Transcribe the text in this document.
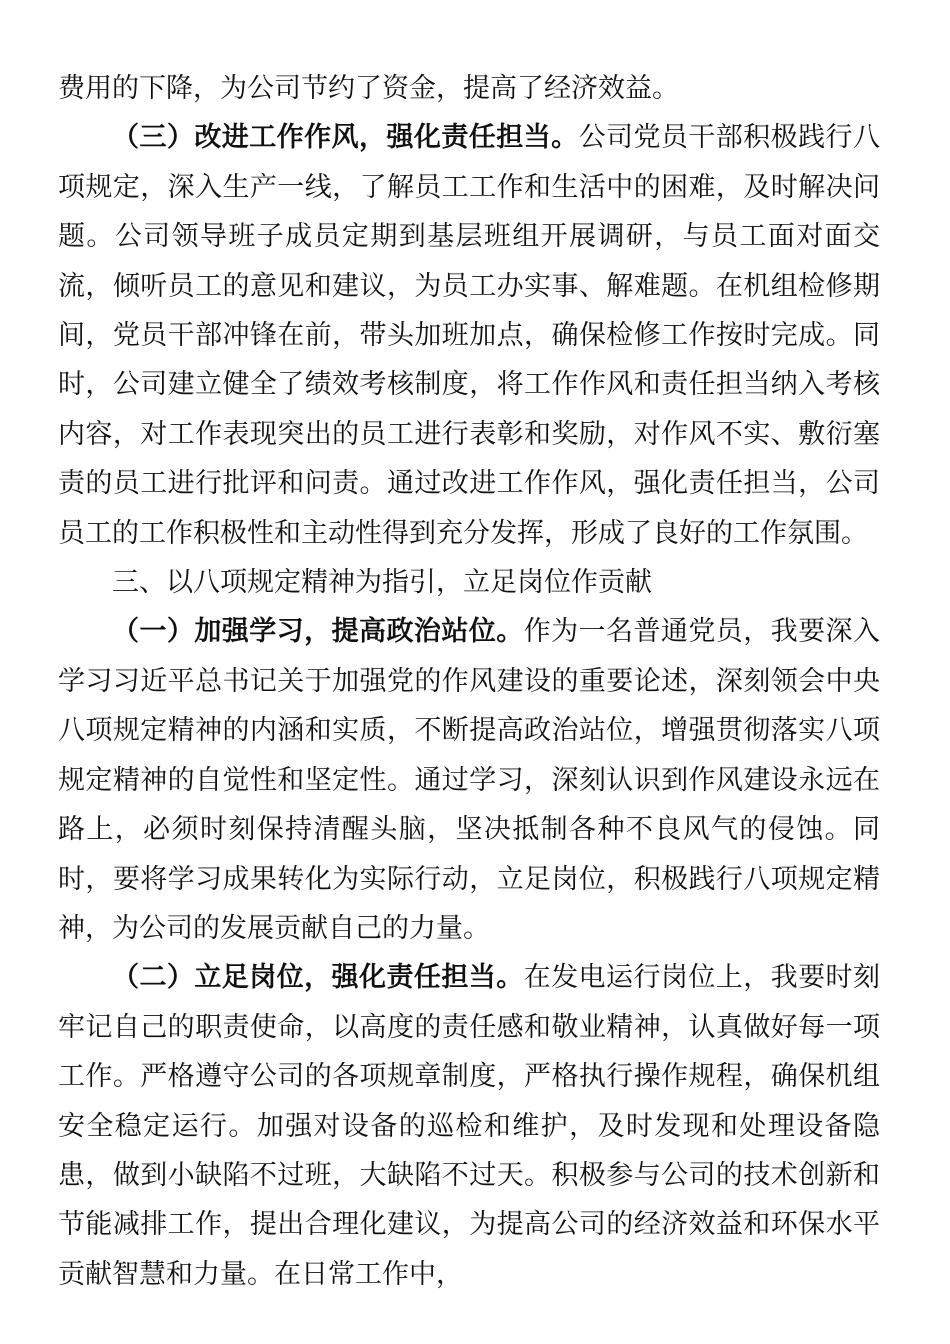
费用的下降，为公司节约了资金，提高了经济效益。

（三）改进工作作风，强化责任担当。公司党员干部积极践行八项规定，深入生产一线，了解员工工作和生活中的困难，及时解决问题。公司领导班子成员定期到基层班组开展调研，与员工面对面交流，倾听员工的意见和建议，为员工办实事、解难题。在机组检修期间，党员干部冲锋在前，带头加班加点，确保检修工作按时完成。同时，公司建立健全了绩效考核制度，将工作作风和责任担当纳入考核内容，对工作表现突出的员工进行表彰和奖励，对作风不实、敷衍塞责的员工进行批评和问责。通过改进工作作风，强化责任担当，公司员工的工作积极性和主动性得到充分发挥，形成了良好的工作氛围。

三、以八项规定精神为指引，立足岗位作贡献

（一）加强学习，提高政治站位。作为一名普通党员，我要深入学习习近平总书记关于加强党的作风建设的重要论述，深刻领会中央八项规定精神的内涵和实质，不断提高政治站位，增强贯彻落实八项规定精神的自觉性和坚定性。通过学习，深刻认识到作风建设永远在路上，必须时刻保持清醒头脑，坚决抵制各种不良风气的侵蚀。同时，要将学习成果转化为实际行动，立足岗位，积极践行八项规定精神，为公司的发展贡献自己的力量。

（二）立足岗位，强化责任担当。在发电运行岗位上，我要时刻牢记自己的职责使命，以高度的责任感和敬业精神，认真做好每一项工作。严格遵守公司的各项规章制度，严格执行操作规程，确保机组安全稳定运行。加强对设备的巡检和维护，及时发现和处理设备隐患，做到小缺陷不过班，大缺陷不过天。积极参与公司的技术创新和节能减排工作，提出合理化建议，为提高公司的经济效益和环保水平贡献智慧和力量。在日常工作中，
